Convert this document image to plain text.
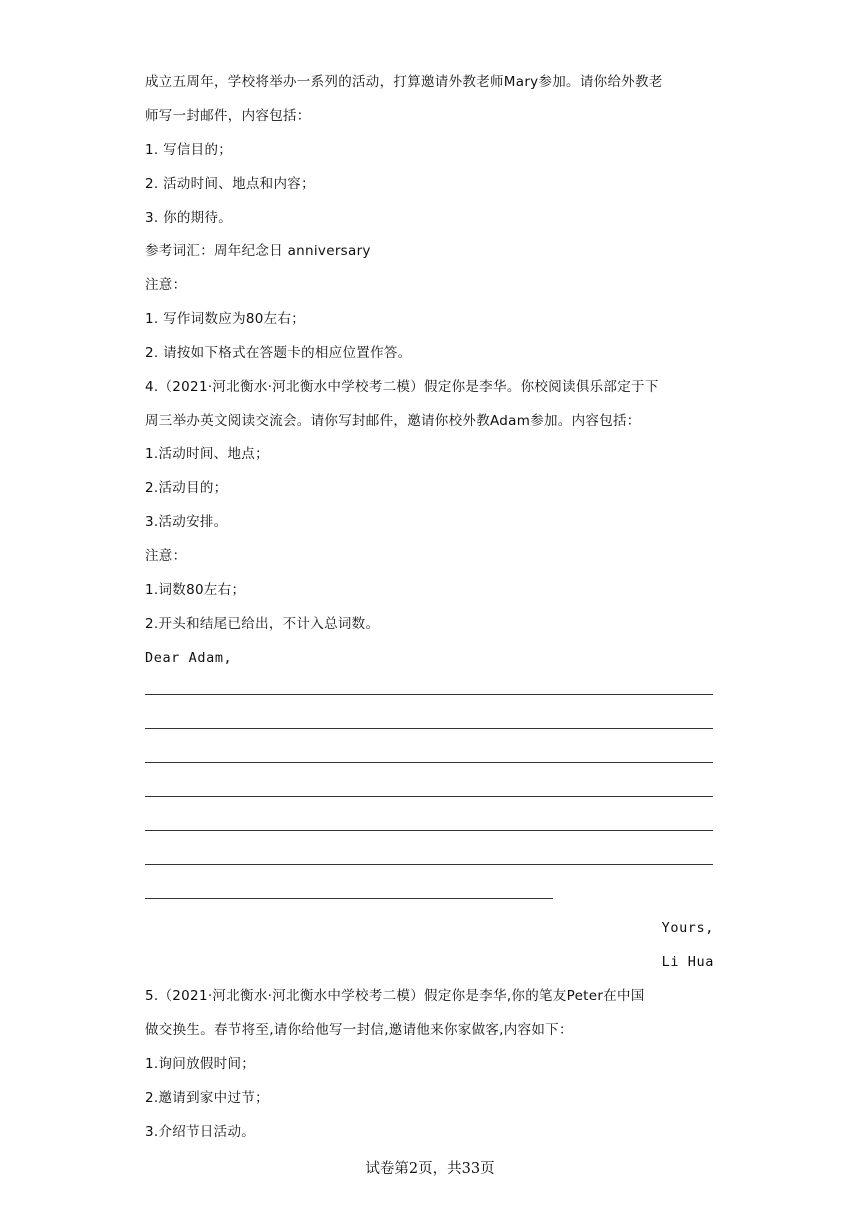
成立五周年，学校将举办一系列的活动，打算邀请外教老师Mary参加。请你给外教老
师写一封邮件，内容包括：
1. 写信目的；
2. 活动时间、地点和内容；
3. 你的期待。
参考词汇：周年纪念日 anniversary
注意：
1. 写作词数应为80左右；
2. 请按如下格式在答题卡的相应位置作答。
4.（2021·河北衡水·河北衡水中学校考二模）假定你是李华。你校阅读俱乐部定于下
周三举办英文阅读交流会。请你写封邮件，邀请你校外教Adam参加。内容包括：
1.活动时间、地点；
2.活动目的；
3.活动安排。
注意：
1.词数80左右；
2.开头和结尾已给出，不计入总词数。
Dear Adam,
Yours,
Li Hua
5.（2021·河北衡水·河北衡水中学校考二模）假定你是李华,你的笔友Peter在中国
做交换生。春节将至,请你给他写一封信,邀请他来你家做客,内容如下：
1.询问放假时间；
2.邀请到家中过节；
3.介绍节日活动。
试卷第2页，共33页
